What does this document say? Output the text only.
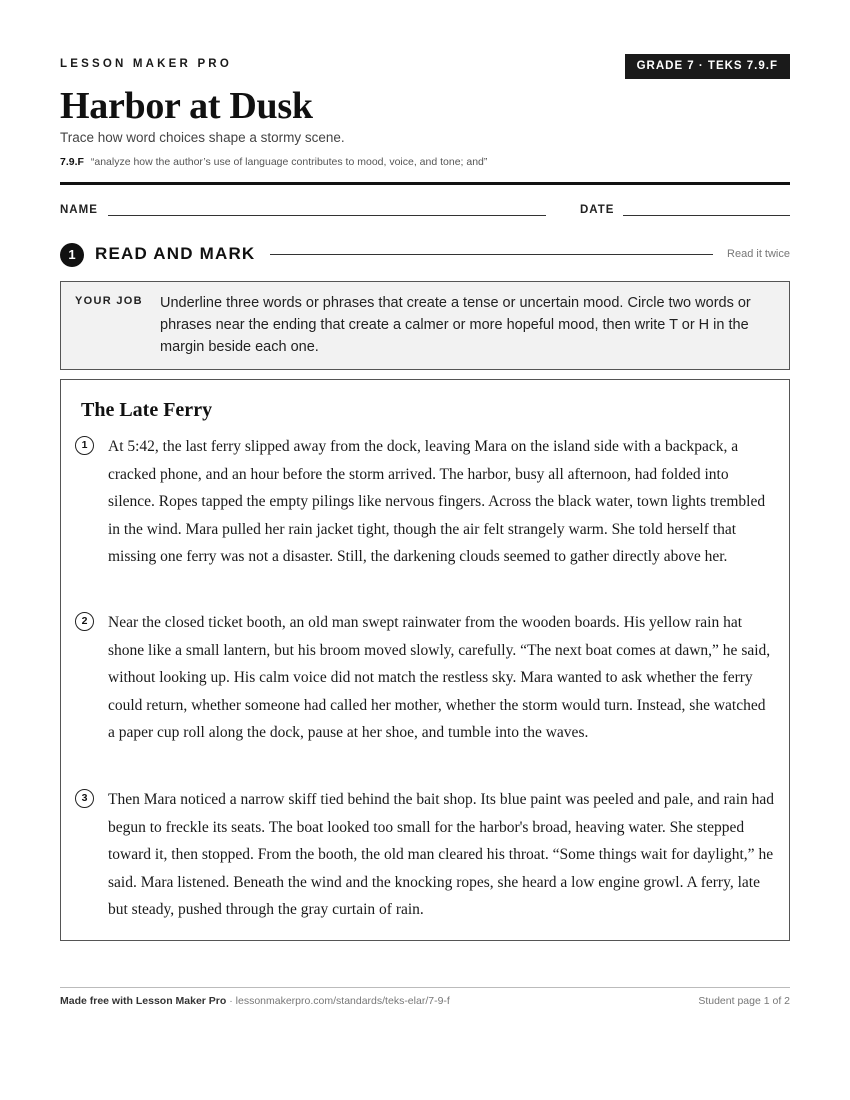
LESSON MAKER PRO	GRADE 7 · TEKS 7.9.F
Harbor at Dusk
Trace how word choices shape a stormy scene.
7.9.F “analyze how the author’s use of language contributes to mood, voice, and tone; and”
NAME	DATE
1	READ AND MARK	Read it twice
YOUR JOB Underline three words or phrases that create a tense or uncertain mood. Circle two words or phrases near the ending that create a calmer or more hopeful mood, then write T or H in the margin beside each one.

The Late Ferry
1	At 5:42, the last ferry slipped away from the dock, leaving Mara on the island side with a backpack, a cracked phone, and an hour before the storm arrived. The harbor, busy all afternoon, had folded into silence. Ropes tapped the empty pilings like nervous fingers. Across the black water, town lights trembled in the wind. Mara pulled her rain jacket tight, though the air felt strangely warm. She told herself that missing one ferry was not a disaster. Still, the darkening clouds seemed to gather directly above her.

2	Near the closed ticket booth, an old man swept rainwater from the wooden boards. His yellow rain hat shone like a small lantern, but his broom moved slowly, carefully. “The next boat comes at dawn,” he said, without looking up. His calm voice did not match the restless sky. Mara wanted to ask whether the ferry could return, whether someone had called her mother, whether the storm would turn. Instead, she watched a paper cup roll along the dock, pause at her shoe, and tumble into the waves.

3	Then Mara noticed a narrow skiff tied behind the bait shop. Its blue paint was peeled and pale, and rain had begun to freckle its seats. The boat looked too small for the harbor's broad, heaving water. She stepped toward it, then stopped. From the booth, the old man cleared his throat. “Some things wait for daylight,” he said. Mara listened. Beneath the wind and the knocking ropes, she heard a low engine growl. A ferry, late but steady, pushed through the gray curtain of rain.

Made free with Lesson Maker Pro · lessonmakerpro.com/standards/teks-elar/7-9-f	Student page 1 of 2
